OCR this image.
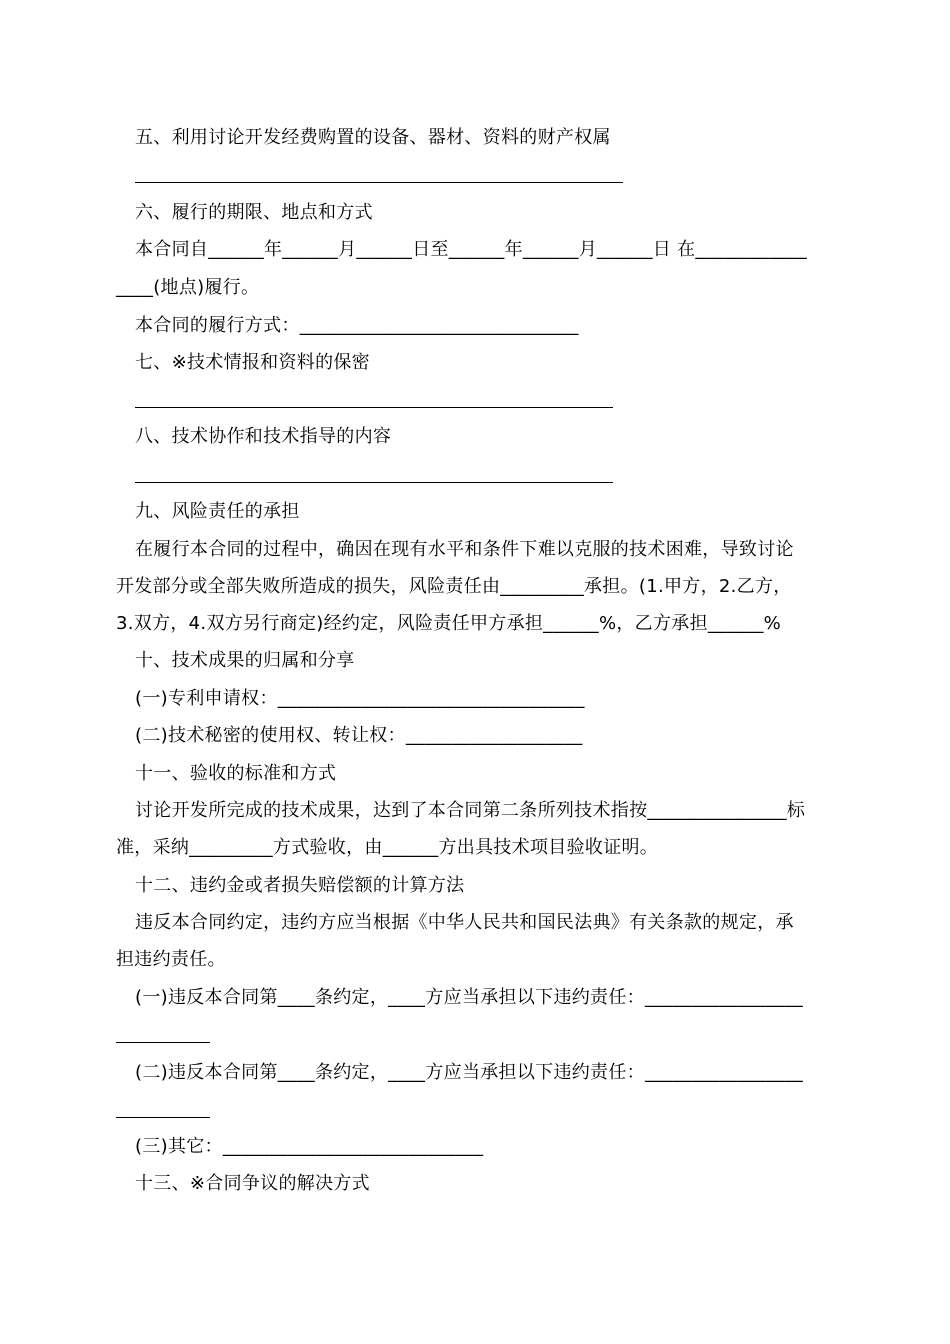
五、利用讨论开发经费购置的设备、器材、资料的财产权属
六、履行的期限、地点和方式
本合同自______年______月______日至______年______月______日 在____________
____(地点)履行。
本合同的履行方式：______________________________
七、※技术情报和资料的保密
八、技术协作和技术指导的内容
九、风险责任的承担
在履行本合同的过程中，确因在现有水平和条件下难以克服的技术困难，导致讨论
开发部分或全部失败所造成的损失，风险责任由_________承担。(1.甲方，2.乙方，
3.双方，4.双方另行商定)经约定，风险责任甲方承担______%，乙方承担______%
十、技术成果的归属和分享
(一)专利申请权：_________________________________
(二)技术秘密的使用权、转让权：___________________
十一、验收的标准和方式
讨论开发所完成的技术成果，达到了本合同第二条所列技术指按_______________标
准，采纳_________方式验收，由______方出具技术项目验收证明。
十二、违约金或者损失赔偿额的计算方法
违反本合同约定，违约方应当根据《中华人民共和国民法典》有关条款的规定，承
担违约责任。
(一)违反本合同第____条约定，____方应当承担以下违约责任：_________________
(二)违反本合同第____条约定，____方应当承担以下违约责任：_________________
(三)其它：____________________________
十三、※合同争议的解决方式
